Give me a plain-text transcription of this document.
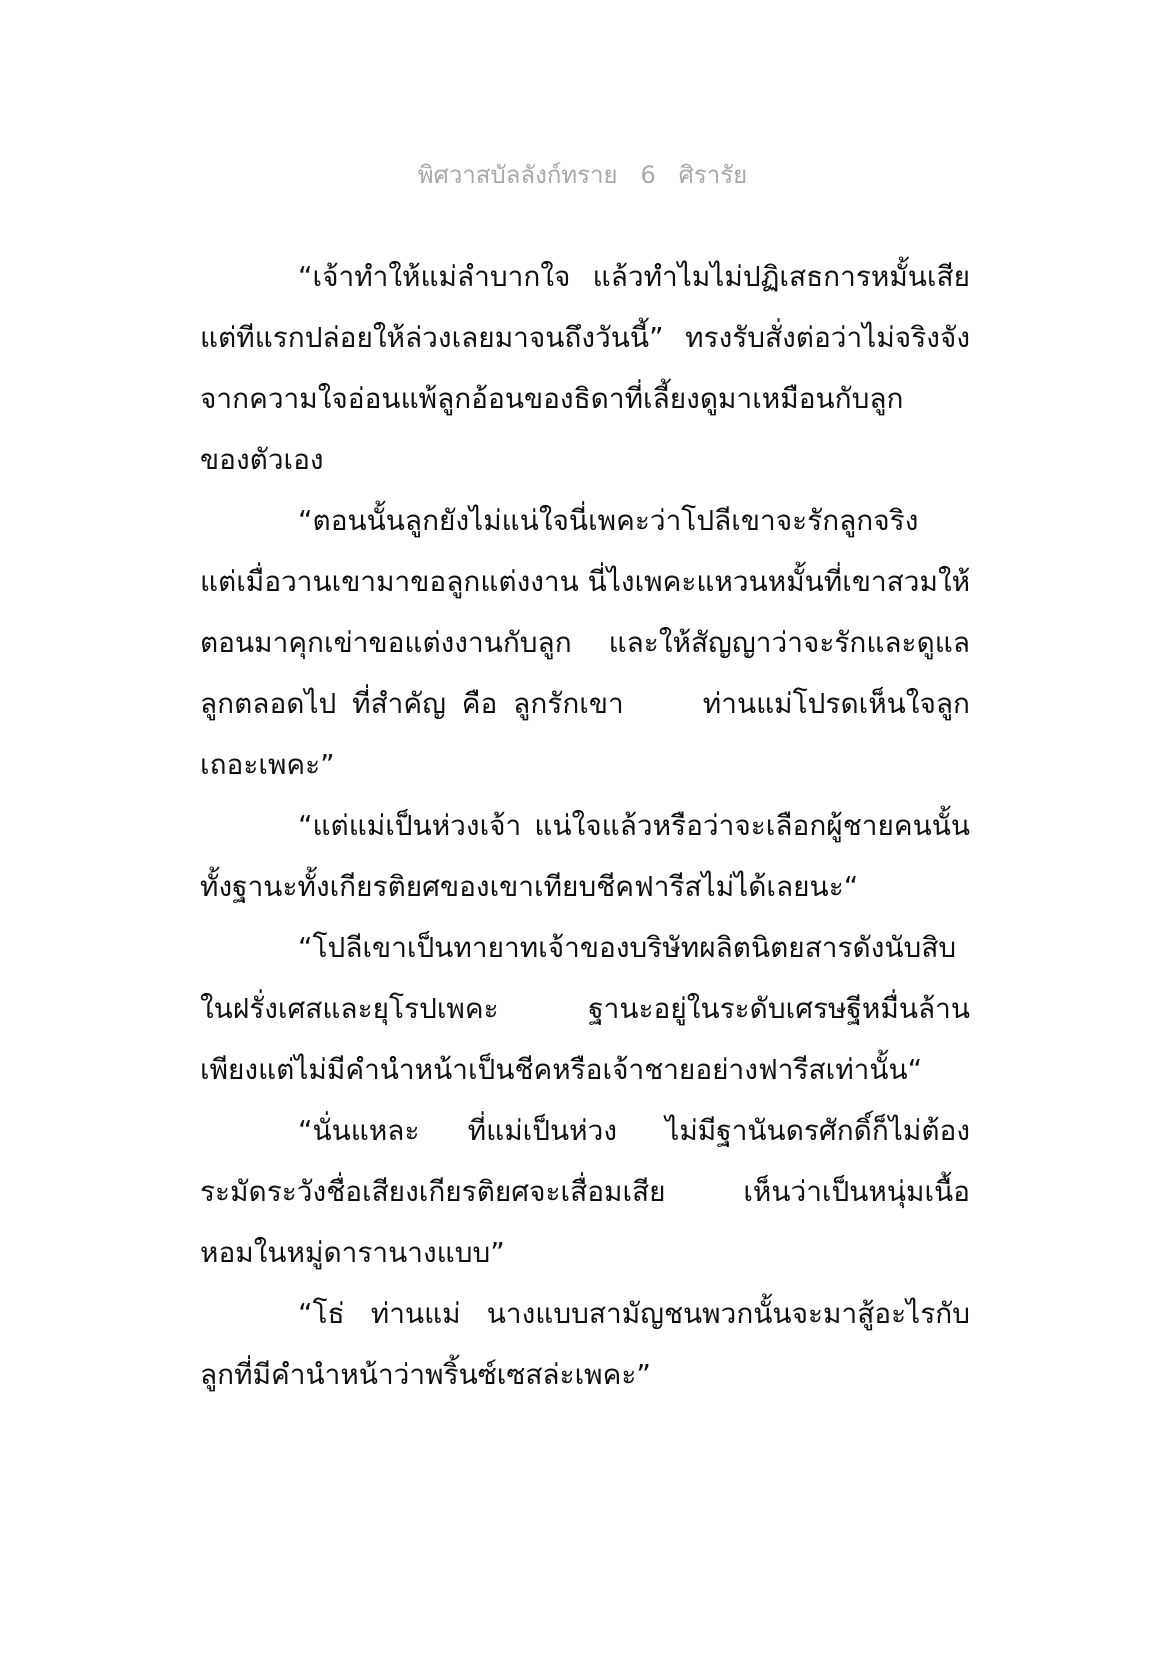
พิศวาสบัลลังก์ทราย   6   ศิรารัย
“เจ้าทำให้แม่ลำบากใจ  แล้วทำไมไม่ปฏิเสธการหมั้นเสีย
แต่ทีแรกปล่อยให้ล่วงเลยมาจนถึงวันนี้” ทรงรับสั่งต่อว่าไม่จริงจัง
จากความใจอ่อนแพ้ลูกอ้อนของธิดาที่เลี้ยงดูมาเหมือนกับลูก
ของตัวเอง
“ตอนนั้นลูกยังไม่แน่ใจนี่เพคะว่าโปลีเขาจะรักลูกจริง
แต่เมื่อวานเขามาขอลูกแต่งงาน นี่ไงเพคะแหวนหมั้นที่เขาสวมให้
ตอนมาคุกเข่าขอแต่งงานกับลูก และให้สัญญาว่าจะรักและดูแล
ลูกตลอดไป ที่สำคัญ คือ ลูกรักเขา     ท่านแม่โปรดเห็นใจลูก
เถอะเพคะ”
“แต่แม่เป็นห่วงเจ้า แน่ใจแล้วหรือว่าจะเลือกผู้ชายคนนั้น
ทั้งฐานะทั้งเกียรติยศของเขาเทียบชีคฟารีสไม่ได้เลยนะ“
“โปลีเขาเป็นทายาทเจ้าของบริษัทผลิตนิตยสารดังนับสิบ
ในฝรั่งเศสและยุโรปเพคะ ฐานะอยู่ในระดับเศรษฐีหมื่นล้าน
เพียงแต่ไม่มีคำนำหน้าเป็นชีคหรือเจ้าชายอย่างฟารีสเท่านั้น“
“นั่นแหละ ที่แม่เป็นห่วง ไม่มีฐานันดรศักดิ์ก็ไม่ต้อง
ระมัดระวังชื่อเสียงเกียรติยศจะเสื่อมเสีย เห็นว่าเป็นหนุ่มเนื้อ
หอมในหมู่ดารานางแบบ”
“โธ่ ท่านแม่ นางแบบสามัญชนพวกนั้นจะมาสู้อะไรกับ
ลูกที่มีคำนำหน้าว่าพริ้นซ์เซสล่ะเพคะ”
